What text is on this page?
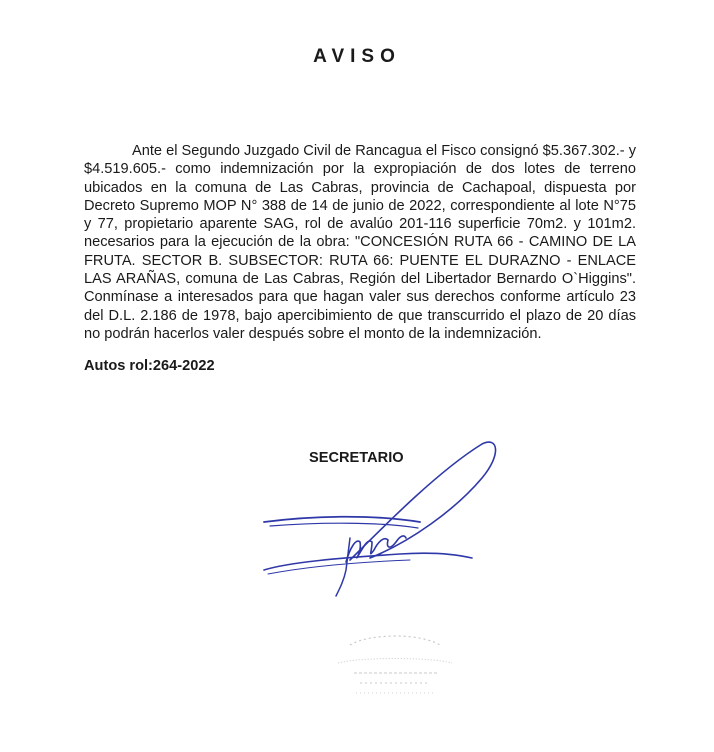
AVISO

Ante el Segundo Juzgado Civil de Rancagua el Fisco consignó $5.367.302.- y $4.519.605.- como indemnización por la expropiación de dos lotes de terreno ubicados en la comuna de Las Cabras, provincia de Cachapoal, dispuesta por Decreto Supremo MOP N° 388 de 14 de junio de 2022, correspondiente al lote N°75 y 77, propietario aparente SAG, rol de avalúo 201-116 superficie 70m2. y 101m2. necesarios para la ejecución de la obra: "CONCESIÓN RUTA 66 - CAMINO DE LA FRUTA. SECTOR B. SUBSECTOR: RUTA 66: PUENTE EL DURAZNO - ENLACE LAS ARAÑAS, comuna de Las Cabras, Región del Libertador Bernardo O`Higgins". Conmínase a interesados para que hagan valer sus derechos conforme artículo 23 del D.L. 2.186 de 1978, bajo apercibimiento de que transcurrido el plazo de 20 días no podrán hacerlos valer después sobre el monto de la indemnización.

Autos rol:264-2022
SECRETARIO
